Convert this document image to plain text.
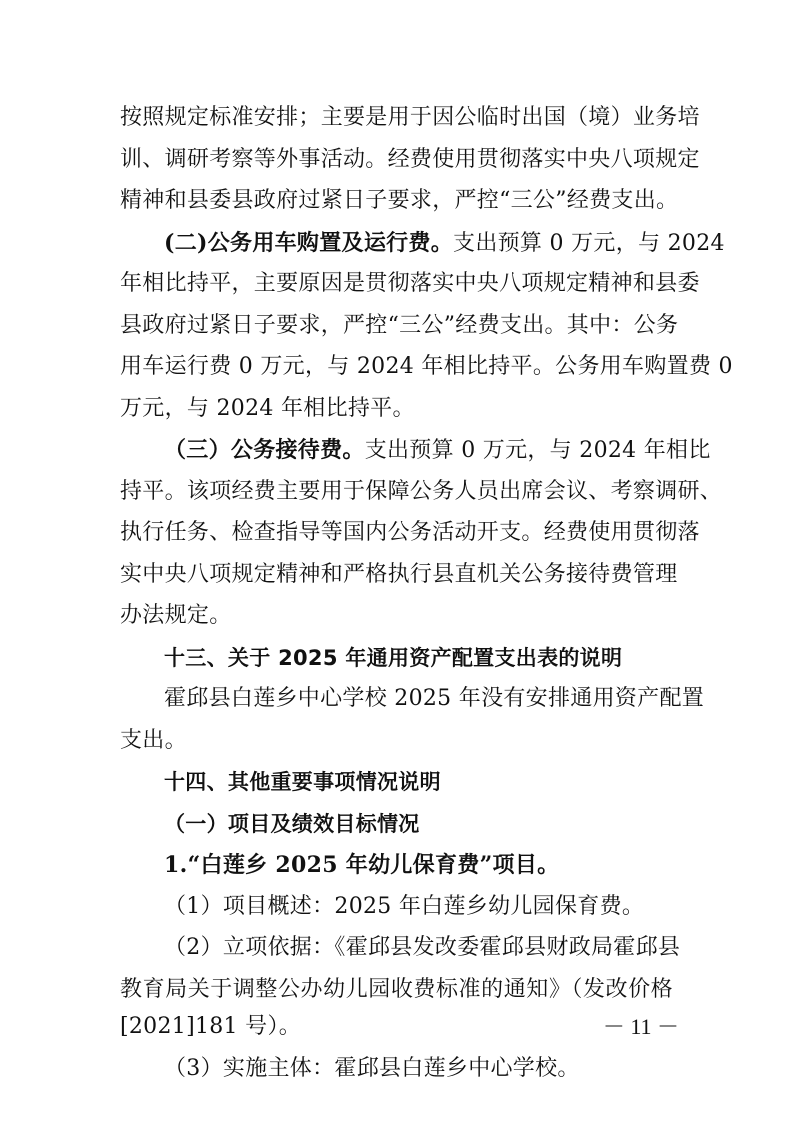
按照规定标准安排；主要是用于因公临时出国（境）业务培
训、调研考察等外事活动。经费使用贯彻落实中央八项规定
精神和县委县政府过紧日子要求，严控“三公”经费支出。
(二)公务用车购置及运行费。支出预算 0 万元，与 2024
年相比持平，主要原因是贯彻落实中央八项规定精神和县委
县政府过紧日子要求，严控“三公”经费支出。其中：公务
用车运行费 0 万元，与 2024 年相比持平。公务用车购置费 0
万元，与 2024 年相比持平。
（三）公务接待费。支出预算 0 万元，与 2024 年相比
持平。该项经费主要用于保障公务人员出席会议、考察调研、
执行任务、检查指导等国内公务活动开支。经费使用贯彻落
实中央八项规定精神和严格执行县直机关公务接待费管理
办法规定。
十三、关于 2025 年通用资产配置支出表的说明
霍邱县白莲乡中心学校 2025 年没有安排通用资产配置
支出。
十四、其他重要事项情况说明
（一）项目及绩效目标情况
1.“白莲乡 2025 年幼儿保育费”项目。
（1）项目概述：2025 年白莲乡幼儿园保育费。
（2）立项依据：《霍邱县发改委霍邱县财政局霍邱县
教育局关于调整公办幼儿园收费标准的通知》（发改价格
[2021]181 号）。
（3）实施主体：霍邱县白莲乡中心学校。
－ 11 －
